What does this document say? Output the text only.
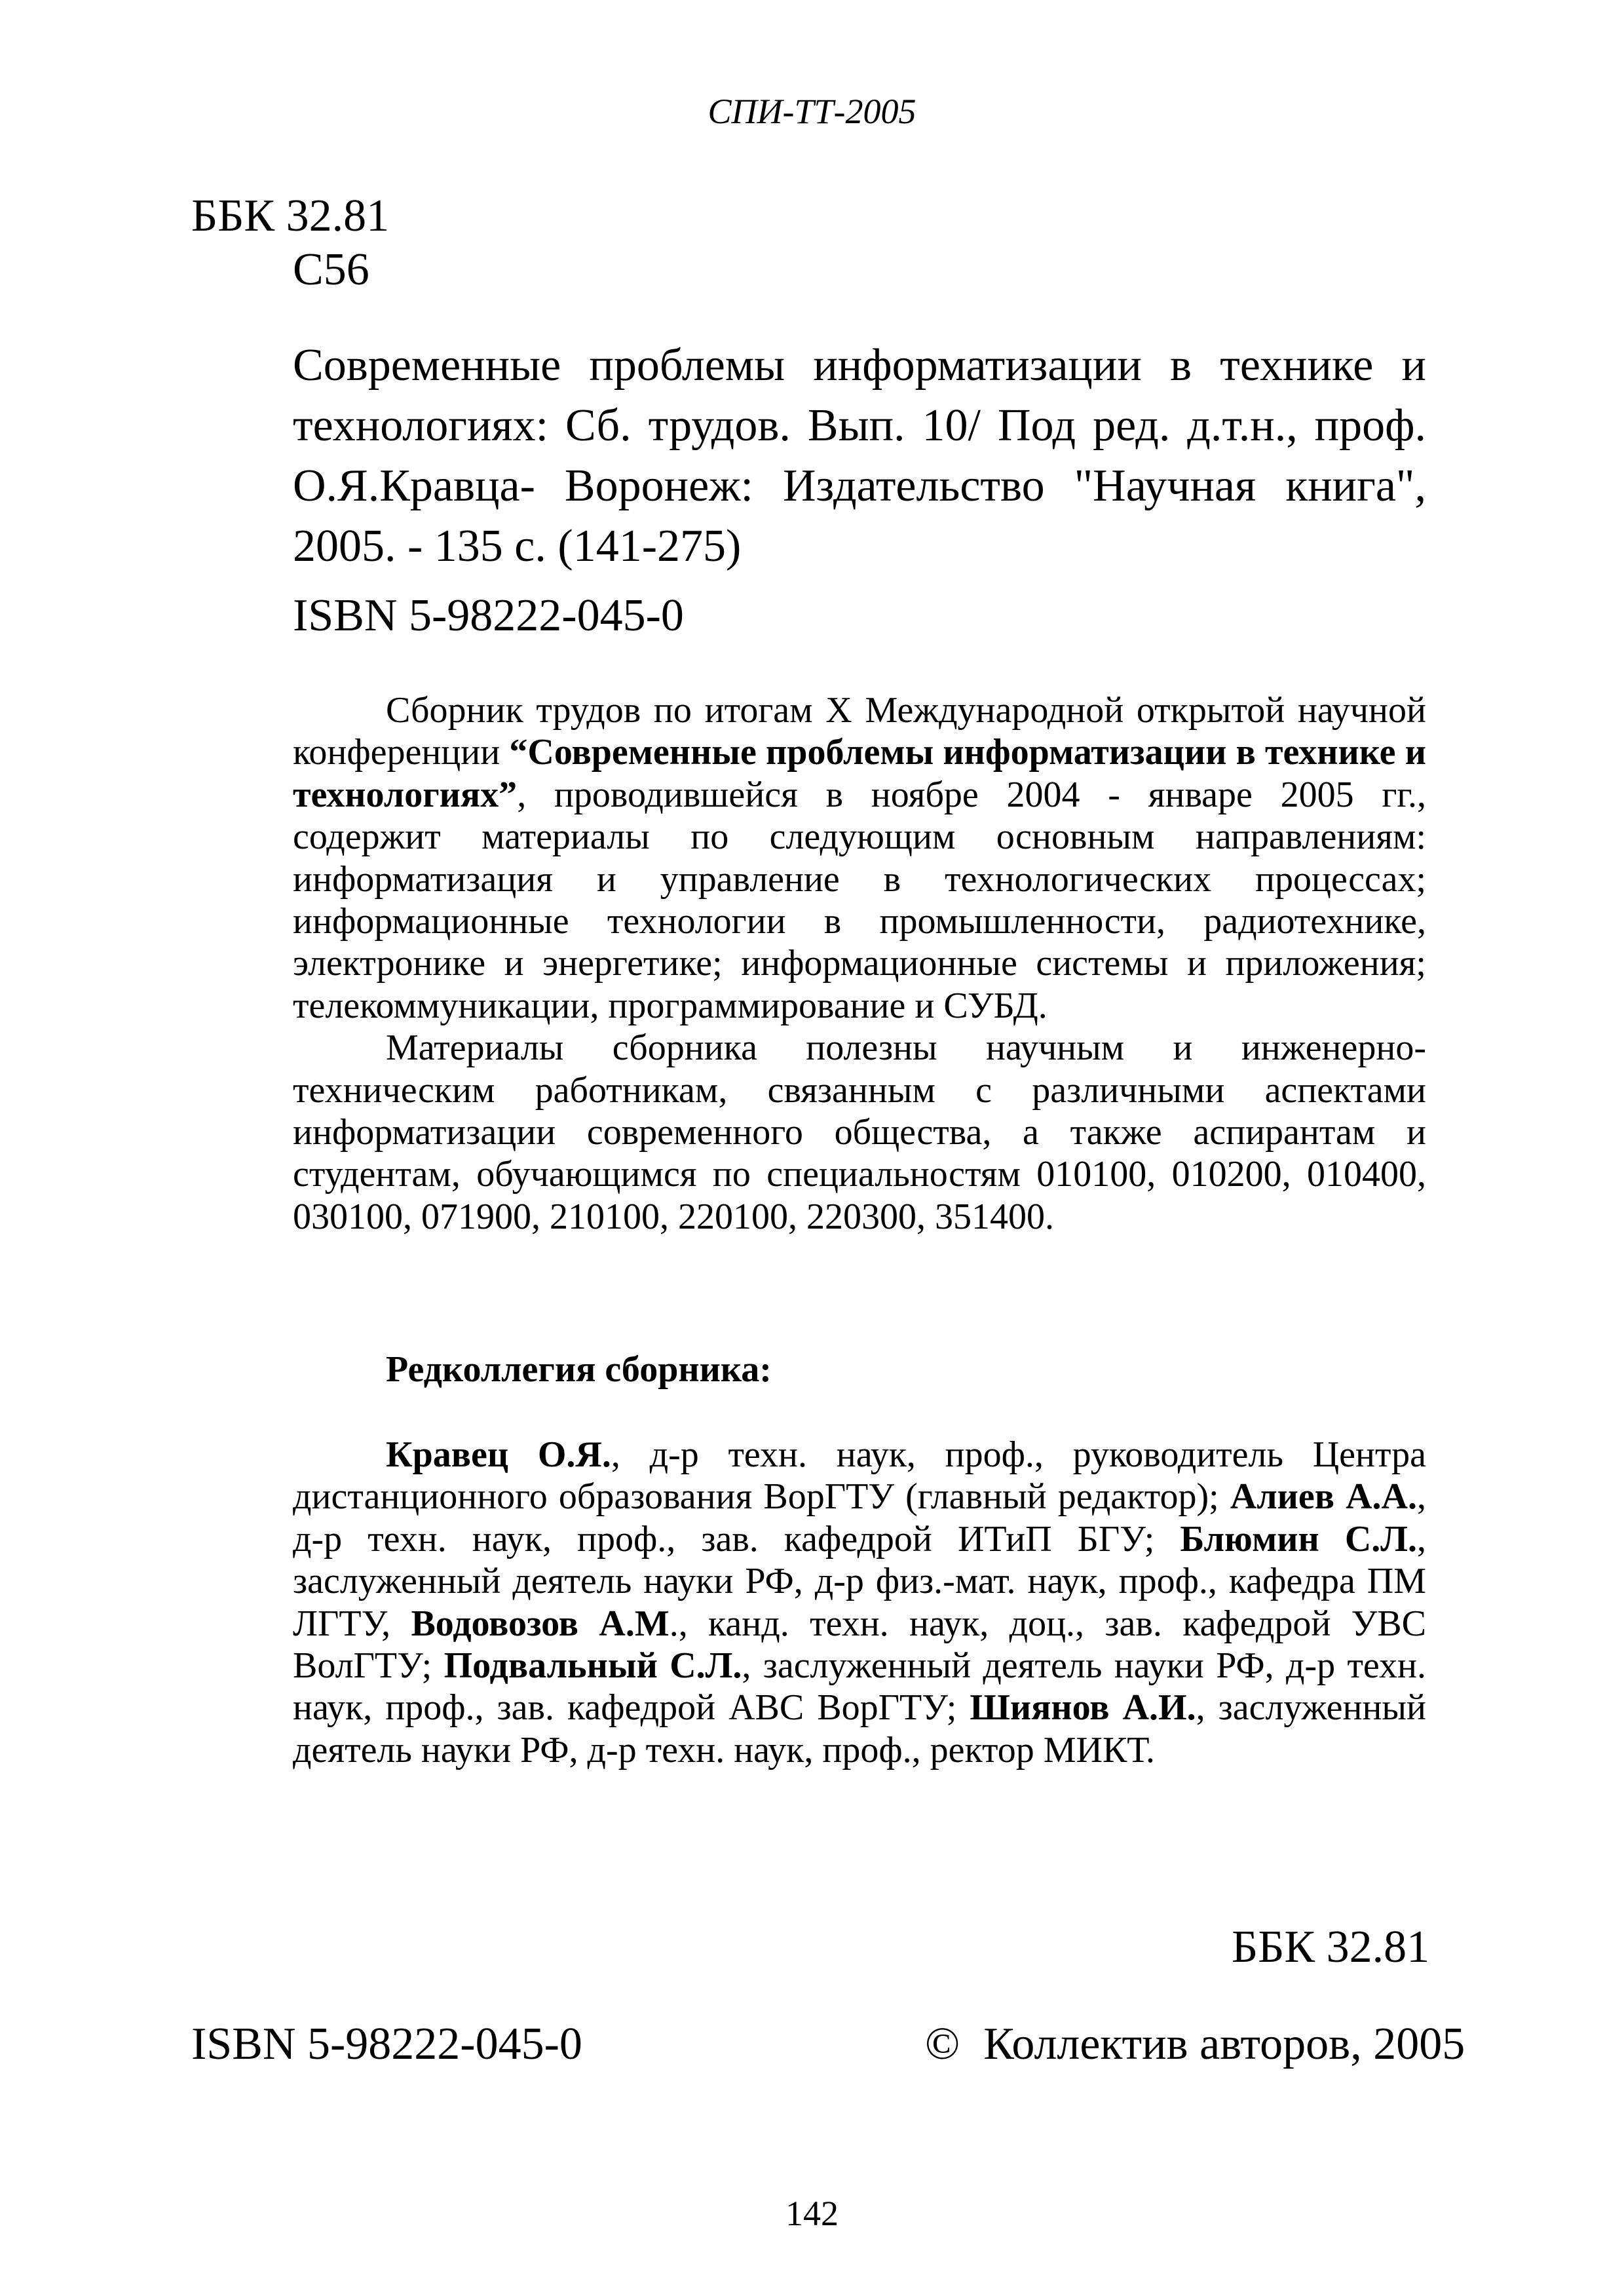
СПИ-ТТ-2005
ББК 32.81
С56

Современные проблемы информатизации в технике и технологиях: Сб. трудов. Вып. 10/ Под ред. д.т.н., проф. О.Я.Кравца- Воронеж: Издательство "Научная книга", 2005. - 135 с. (141-275)

ISBN 5-98222-045-0

Сборник трудов по итогам X Международной открытой научной конференции “Современные проблемы информатизации в технике и технологиях”, проводившейся в ноябре 2004 - январе 2005 гг., содержит материалы по следующим основным направлениям: информатизация и управление в технологических процессах; информационные технологии в промышленности, радиотехнике, электронике и энергетике; информационные системы и приложения; телекоммуникации, программирование и СУБД.

Материалы сборника полезны научным и инженерно-техническим работникам, связанным с различными аспектами информатизации современного общества, а также аспирантам и студентам, обучающимся по специальностям 010100, 010200, 010400, 030100, 071900, 210100, 220100, 220300, 351400.

Редколлегия сборника:

Кравец О.Я., д-р техн. наук, проф., руководитель Центра дистанционного образования ВорГТУ (главный редактор); Алиев А.А., д-р техн. наук, проф., зав. кафедрой ИТиП БГУ; Блюмин С.Л., заслуженный деятель науки РФ, д-р физ.-мат. наук, проф., кафедра ПМ ЛГТУ, Водовозов А.М., канд. техн. наук, доц., зав. кафедрой УВС ВолГТУ; Подвальный С.Л., заслуженный деятель науки РФ, д-р техн. наук, проф., зав. кафедрой АВС ВорГТУ; Шиянов А.И., заслуженный деятель науки РФ, д-р техн. наук, проф., ректор МИКТ.

ББК 32.81
ISBN 5-98222-045-0	© Коллектив авторов, 2005
142
